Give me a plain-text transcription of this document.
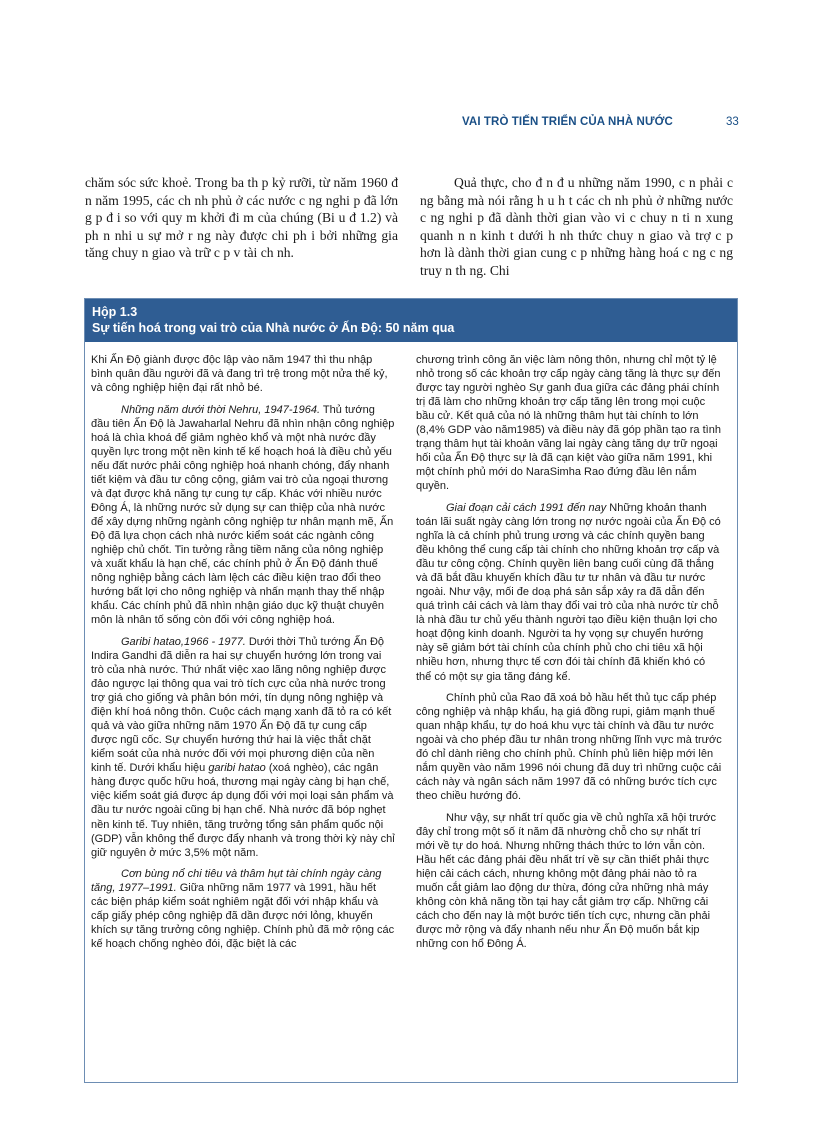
VAI TRÒ TIẾN TRIỂN CỦA NHÀ NƯỚC	33

chăm sóc sức khoẻ. Trong ba th p kỷ rưỡi, từ năm 1960 đ n năm 1995, các ch nh phủ ở các nước c ng nghi p đã lớn g p đ i so với quy m khởi đi m của chúng (Bi u đ 1.2) và ph n nhi u sự mở r ng này được chi ph i bởi những gia tăng chuy n giao và trữ c p v tài ch nh.

Quả thực, cho đ n đ u những năm 1990, c n phải c ng bằng mà nói rằng h u h t các ch nh phủ ở những nước c ng nghi p đã dành thời gian vào vi c chuy n ti n xung quanh n n kinh t dưới h nh thức chuy n giao và trợ c p hơn là dành thời gian cung c p những hàng hoá c ng c ng truy n th ng. Chi

Hộp 1.3
Sự tiến hoá trong vai trò của Nhà nước ở Ấn Độ: 50 năm qua

Khi Ấn Độ giành được độc lập vào năm 1947 thì thu nhập bình quân đầu người đã và đang trì trệ trong một nửa thế kỷ, và công nghiệp hiện đại rất nhỏ bé.

Những năm dưới thời Nehru, 1947-1964. Thủ tướng đầu tiên Ấn Độ là Jawaharlal Nehru đã nhìn nhận công nghiệp hoá là chìa khoá để giảm nghèo khổ và một nhà nước đầy quyền lực trong một nền kinh tế kế hoạch hoá là điều chủ yếu nếu đất nước phải công nghiệp hoá nhanh chóng, đẩy nhanh tiết kiệm và đầu tư công cộng, giảm vai trò của ngoại thương và đạt được khả năng tự cung tự cấp. Khác với nhiều nước Đông Á, là những nước sử dụng sự can thiệp của nhà nước để xây dựng những ngành công nghiệp tư nhân mạnh mẽ, Ấn Độ đã lựa chọn cách nhà nước kiểm soát các ngành công nghiệp chủ chốt. Tin tưởng rằng tiềm năng của nông nghiệp và xuất khẩu là hạn chế, các chính phủ ở Ấn Độ đánh thuế nông nghiệp bằng cách làm lệch các điều kiện trao đổi theo hướng bất lợi cho nông nghiệp và nhấn mạnh thay thế nhập khẩu. Các chính phủ đã nhìn nhận giáo dục kỹ thuật chuyên môn là nhân tố sống còn đối với công nghiệp hoá.

Garibi hatao,1966 - 1977. Dưới thời Thủ tướng Ấn Độ Indira Gandhi đã diễn ra hai sự chuyển hướng lớn trong vai trò của nhà nước. Thứ nhất việc xao lãng nông nghiệp được đảo ngược lại thông qua vai trò tích cực của nhà nước trong trợ giá cho giống và phân bón mới, tín dụng nông nghiệp và điện khí hoá nông thôn. Cuộc cách mạng xanh đã tỏ ra có kết quả và vào giữa những năm 1970 Ấn Độ đã tự cung cấp được ngũ cốc. Sự chuyển hướng thứ hai là việc thắt chặt kiểm soát của nhà nước đối với mọi phương diện của nền kinh tế. Dưới khẩu hiệu garibi hatao (xoá nghèo), các ngân hàng được quốc hữu hoá, thương mại ngày càng bị hạn chế, việc kiểm soát giá được áp dụng đối với mọi loại sản phẩm và đầu tư nước ngoài cũng bị hạn chế. Nhà nước đã bóp nghẹt nền kinh tế. Tuy nhiên, tăng trưởng tổng sản phẩm quốc nội (GDP) vẫn không thể được đẩy nhanh và trong thời kỳ này chỉ giữ nguyên ở mức 3,5% một năm.

Cơn bùng nổ chi tiêu và thâm hụt tài chính ngày càng tăng, 1977–1991. Giữa những năm 1977 và 1991, hầu hết các biện pháp kiểm soát nghiêm ngặt đối với nhập khẩu và cấp giấy phép công nghiệp đã dần được nới lỏng, khuyến khích sự tăng trưởng công nghiệp. Chính phủ đã mở rộng các kế hoạch chống nghèo đói, đặc biệt là các

chương trình công ăn việc làm nông thôn, nhưng chỉ một tỷ lệ nhỏ trong số các khoản trợ cấp ngày càng tăng là thực sự đến được tay người nghèo Sự ganh đua giữa các đảng phái chính trị đã làm cho những khoản trợ cấp tăng lên trong mọi cuộc bầu cử. Kết quả của nó là những thâm hụt tài chính to lớn (8,4% GDP vào năm1985) và điều này đã góp phần tạo ra tình trạng thâm hụt tài khoản vãng lai ngày càng tăng dự trữ ngoại hối của Ấn Độ thực sự là đã cạn kiệt vào giữa năm 1991, khi một chính phủ mới do NaraSimha Rao đứng đầu lên nắm quyền.

Giai đoạn cải cách 1991 đến nay Những khoản thanh toán lãi suất ngày càng lớn trong nợ nước ngoài của Ấn Độ có nghĩa là cả chính phủ trung ương và các chính quyền bang đều không thể cung cấp tài chính cho những khoản trợ cấp và đầu tư công cộng. Chính quyền liên bang cuối cùng đã thắng và đã bắt đầu khuyến khích đầu tư tư nhân và đầu tư nước ngoài. Như vậy, mối đe doạ phá sản sắp xảy ra đã dẫn đến quá trình cải cách và làm thay đổi vai trò của nhà nước từ chỗ là nhà đầu tư chủ yếu thành người tạo điều kiện thuận lợi cho hoạt động kinh doanh. Người ta hy vọng sự chuyển hướng này sẽ giảm bớt tài chính của chính phủ cho chi tiêu xã hội nhiều hơn, nhưng thực tế cơn đói tài chính đã khiến khó có thể có một sự gia tăng đáng kể.

Chính phủ của Rao đã xoá bỏ hầu hết thủ tục cấp phép công nghiệp và nhập khẩu, hạ giá đồng rupi, giảm mạnh thuế quan nhập khẩu, tự do hoá khu vực tài chính và đầu tư nước ngoài và cho phép đầu tư nhân trong những lĩnh vực mà trước đó chỉ dành riêng cho chính phủ. Chính phủ liên hiệp mới lên nắm quyền vào năm 1996 nói chung đã duy trì những cuộc cải cách này và ngân sách năm 1997 đã có những bước tích cực theo chiều hướng đó.

Như vậy, sự nhất trí quốc gia về chủ nghĩa xã hội trước đây chỉ trong một số ít năm đã nhường chỗ cho sự nhất trí mới về tự do hoá. Nhưng những thách thức to lớn vẫn còn. Hầu hết các đảng phái đều nhất trí về sự cần thiết phải thực hiện cải cách cách, nhưng không một đảng phái nào tỏ ra muốn cắt giảm lao động dư thừa, đóng cửa những nhà máy không còn khả năng tồn tại hay cắt giảm trợ cấp. Những cải cách cho đến nay là một bước tiến tích cực, nhưng cần phải được mở rộng và đẩy nhanh nếu như Ấn Độ muốn bắt kịp những con hổ Đông Á.
